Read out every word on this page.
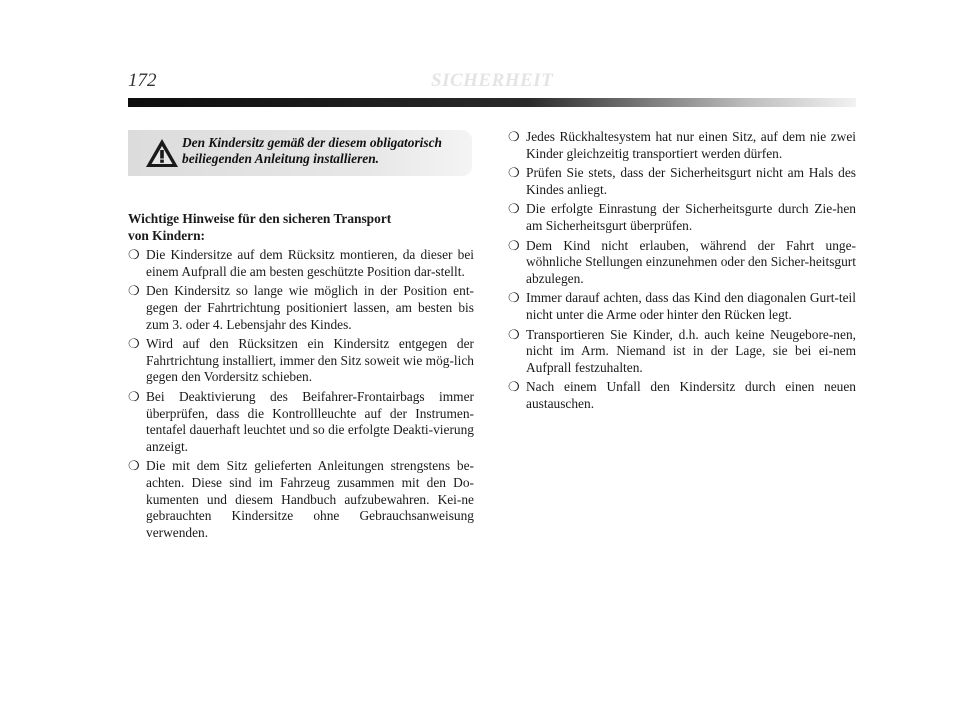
172	SICHERHEIT
Den Kindersitz gemäß der diesem obligatorisch beiliegenden Anleitung installieren.
Wichtige Hinweise für den sicheren Transport
von Kindern:
❍ Die Kindersitze auf dem Rücksitz montieren, da dieser bei einem Aufprall die am besten geschützte Position dar-stellt.
❍ Den Kindersitz so lange wie möglich in der Position ent-gegen der Fahrtrichtung positioniert lassen, am besten bis zum 3. oder 4. Lebensjahr des Kindes.
❍ Wird auf den Rücksitzen ein Kindersitz entgegen der Fahrtrichtung installiert, immer den Sitz soweit wie mög-lich gegen den Vordersitz schieben.
❍ Bei Deaktivierung des Beifahrer-Frontairbags immer überprüfen, dass die Kontrollleuchte auf der Instrumen-tentafel dauerhaft leuchtet und so die erfolgte Deakti-vierung anzeigt.
❍ Die mit dem Sitz gelieferten Anleitungen strengstens be-achten. Diese sind im Fahrzeug zusammen mit den Do-kumenten und diesem Handbuch aufzubewahren. Kei-ne gebrauchten Kindersitze ohne Gebrauchsanweisung verwenden.
❍ Jedes Rückhaltesystem hat nur einen Sitz, auf dem nie zwei Kinder gleichzeitig transportiert werden dürfen.
❍ Prüfen Sie stets, dass der Sicherheitsgurt nicht am Hals des Kindes anliegt.
❍ Die erfolgte Einrastung der Sicherheitsgurte durch Zie-hen am Sicherheitsgurt überprüfen.
❍ Dem Kind nicht erlauben, während der Fahrt unge-wöhnliche Stellungen einzunehmen oder den Sicher-heitsgurt abzulegen.
❍ Immer darauf achten, dass das Kind den diagonalen Gurt-teil nicht unter die Arme oder hinter den Rücken legt.
❍ Transportieren Sie Kinder, d.h. auch keine Neugebore-nen, nicht im Arm. Niemand ist in der Lage, sie bei ei-nem Aufprall festzuhalten.
❍ Nach einem Unfall den Kindersitz durch einen neuen austauschen.
